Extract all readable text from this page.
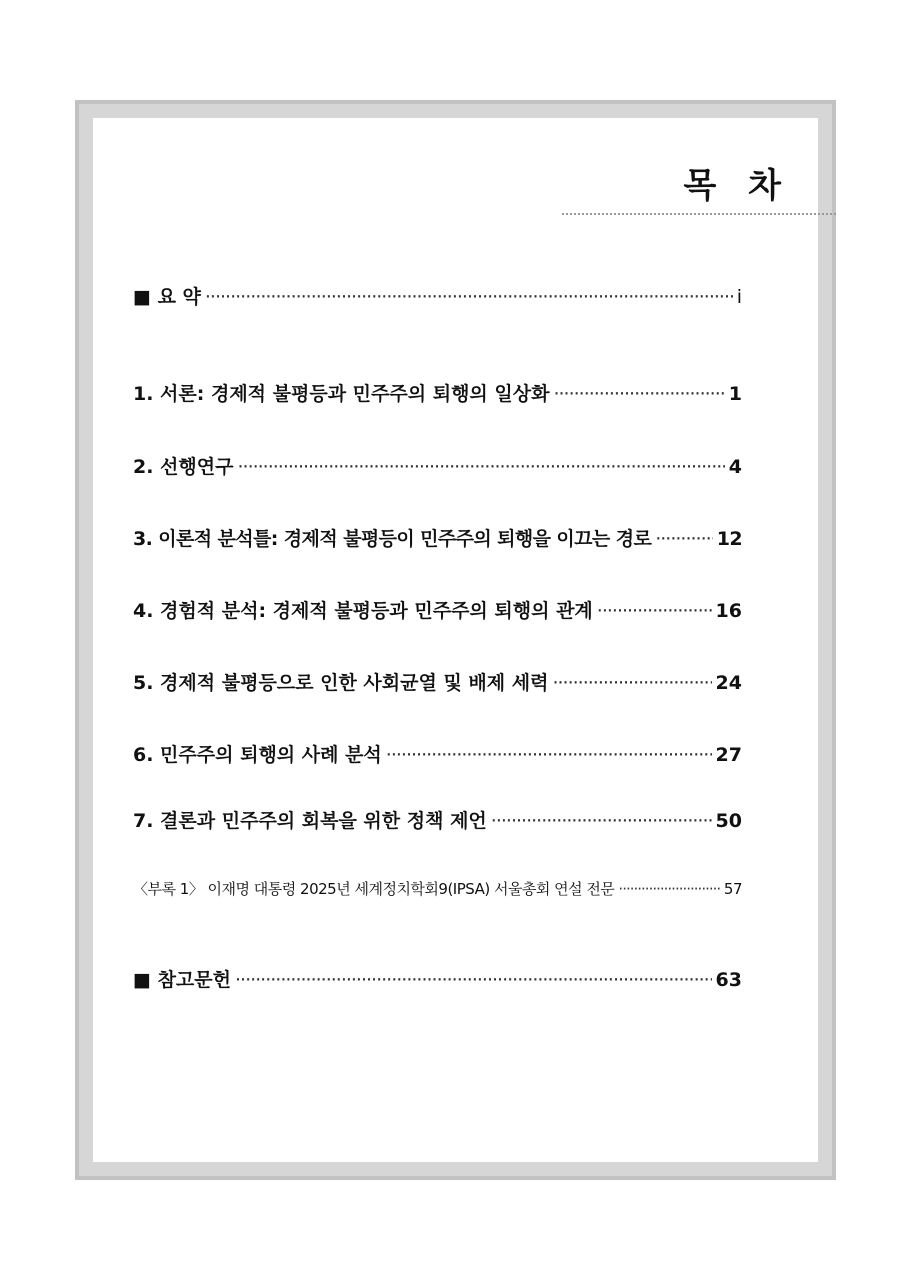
목 차
■ 요 약 ·····	i
1. 서론: 경제적 불평등과 민주주의 퇴행의 일상화 ·····	1
2. 선행연구 ·····	4
3. 이론적 분석틀: 경제적 불평등이 민주주의 퇴행을 이끄는 경로 ·····	12
4. 경험적 분석: 경제적 불평등과 민주주의 퇴행의 관계 ·····	16
5. 경제적 불평등으로 인한 사회균열 및 배제 세력 ·····	24
6. 민주주의 퇴행의 사례 분석 ·····	27
7. 결론과 민주주의 회복을 위한 정책 제언 ·····	50
〈부록 1〉 이재명 대통령 2025년 세계정치학회9(IPSA) 서울총회 연설 전문 ·····	57
■ 참고문헌 ·····	63
